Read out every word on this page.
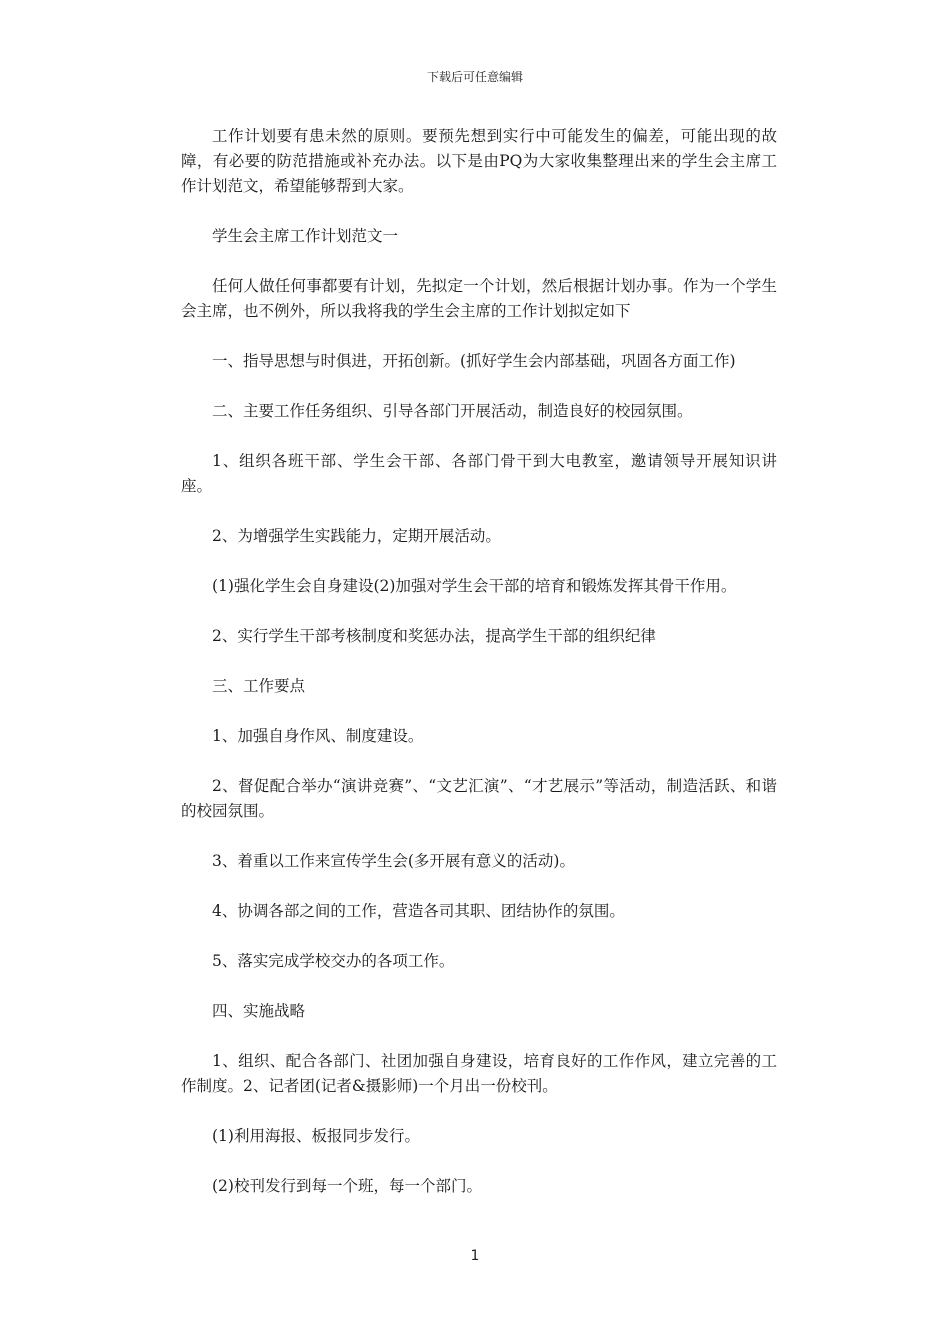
下载后可任意编辑

工作计划要有患未然的原则。要预先想到实行中可能发生的偏差，可能出现的故障，有必要的防范措施或补充办法。以下是由PQ为大家收集整理出来的学生会主席工作计划范文，希望能够帮到大家。

学生会主席工作计划范文一

任何人做任何事都要有计划，先拟定一个计划，然后根据计划办事。作为一个学生会主席，也不例外，所以我将我的学生会主席的工作计划拟定如下

一、指导思想与时俱进，开拓创新。(抓好学生会内部基础，巩固各方面工作)

二、主要工作任务组织、引导各部门开展活动，制造良好的校园氛围。

1、组织各班干部、学生会干部、各部门骨干到大电教室，邀请领导开展知识讲座。

2、为增强学生实践能力，定期开展活动。

(1)强化学生会自身建设(2)加强对学生会干部的培育和锻炼发挥其骨干作用。

2、实行学生干部考核制度和奖惩办法，提高学生干部的组织纪律

三、工作要点

1、加强自身作风、制度建设。

2、督促配合举办“演讲竞赛”、“文艺汇演”、“才艺展示”等活动，制造活跃、和谐的校园氛围。

3、着重以工作来宣传学生会(多开展有意义的活动)。

4、协调各部之间的工作，营造各司其职、团结协作的氛围。

5、落实完成学校交办的各项工作。

四、实施战略

1、组织、配合各部门、社团加强自身建设，培育良好的工作作风，建立完善的工作制度。2、记者团(记者&摄影师)一个月出一份校刊。

(1)利用海报、板报同步发行。

(2)校刊发行到每一个班，每一个部门。

1
